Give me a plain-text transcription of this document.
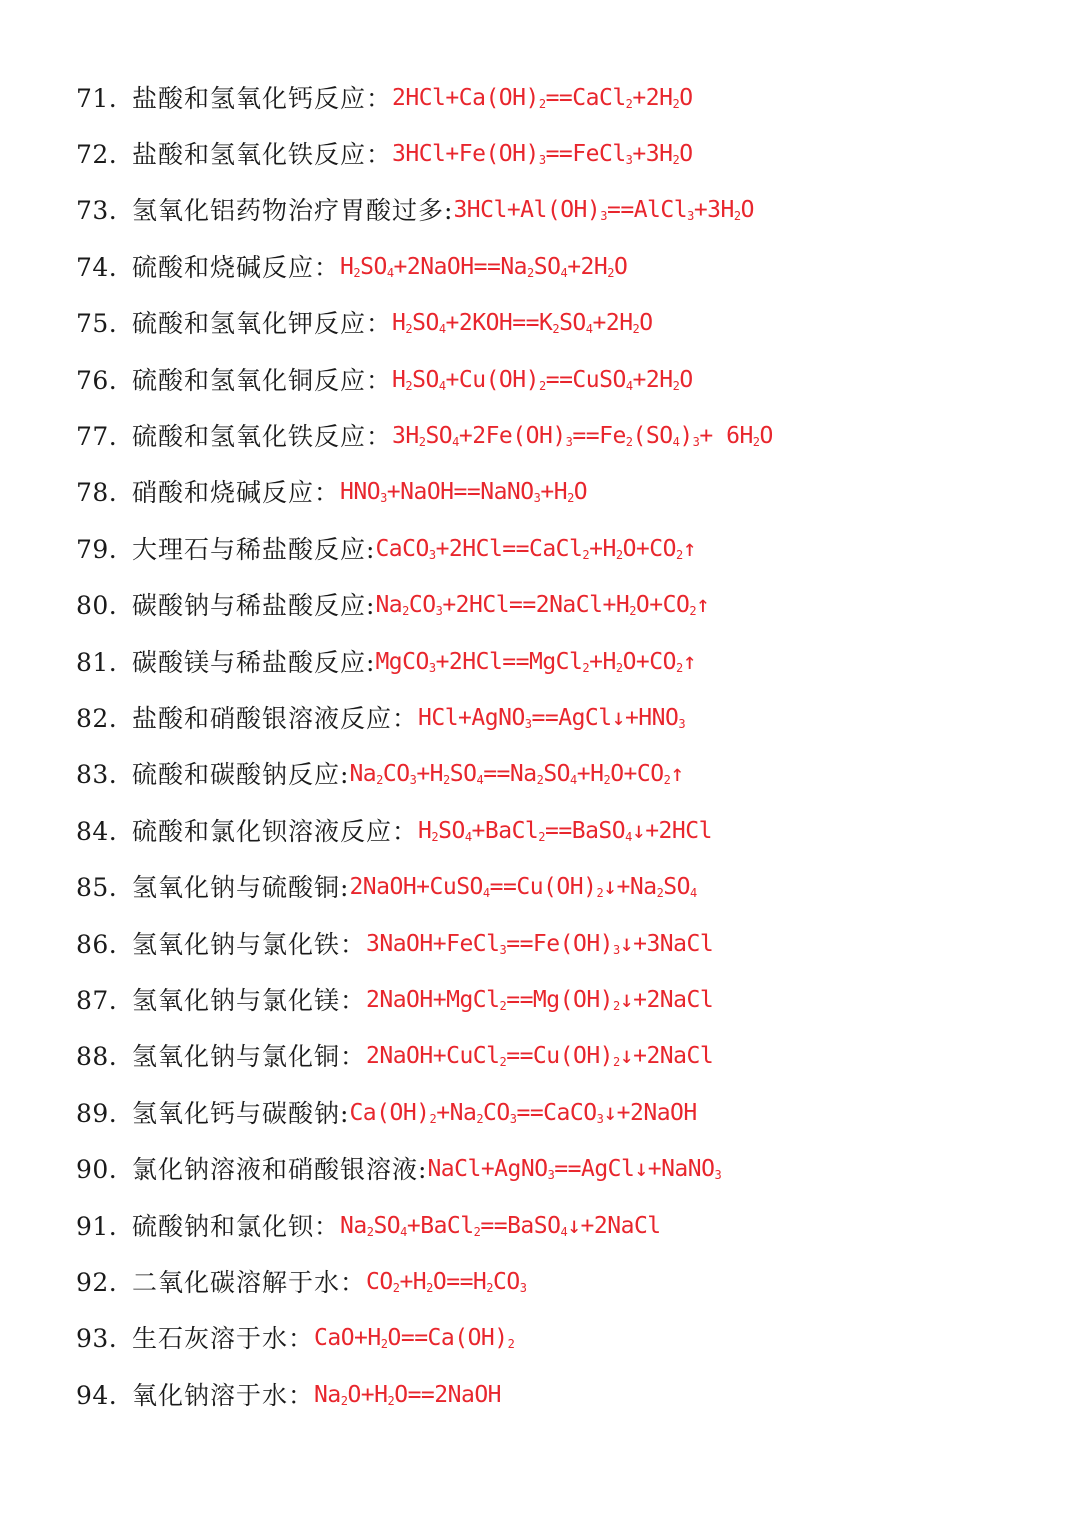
71. 盐酸和氢氧化钙反应： $2HCl+Ca(OH)_2==CaCl_2+2H_2O$
72. 盐酸和氢氧化铁反应： $3HCl+Fe(OH)_3==FeCl_3+3H_2O$
73. 氢氧化铝药物治疗胃酸过多: $3HCl+Al(OH)_3==AlCl_3+3H_2O$
74. 硫酸和烧碱反应： $H_2SO_4+2NaOH==Na_2SO_4+2H_2O$
75. 硫酸和氢氧化钾反应： $H_2SO_4+2KOH==K_2SO_4+2H_2O$
76. 硫酸和氢氧化铜反应： $H_2SO_4+Cu(OH)_2==CuSO_4+2H_2O$
77. 硫酸和氢氧化铁反应： $3H_2SO_4+2Fe(OH)_3==Fe_2(SO_4)_3+ 6H_2O$
78. 硝酸和烧碱反应： $HNO_3+NaOH==NaNO_3+H_2O$
79. 大理石与稀盐酸反应: $CaCO_3+2HCl==CaCl_2+H_2O+CO_2↑$
80. 碳酸钠与稀盐酸反应: $Na_2CO_3+2HCl==2NaCl+H_2O+CO_2↑$
81. 碳酸镁与稀盐酸反应: $MgCO_3+2HCl==MgCl_2+H_2O+CO_2↑$
82. 盐酸和硝酸银溶液反应： $HCl+AgNO_3==AgCl↓+HNO_3$
83. 硫酸和碳酸钠反应: $Na_2CO_3+H_2SO_4==Na_2SO_4+H_2O+CO_2↑$
84. 硫酸和氯化钡溶液反应： $H_2SO_4+BaCl_2==BaSO_4↓+2HCl$
85. 氢氧化钠与硫酸铜: $2NaOH+CuSO_4==Cu(OH)_2↓+Na_2SO_4$
86. 氢氧化钠与氯化铁： $3NaOH+FeCl_3==Fe(OH)_3↓+3NaCl$
87. 氢氧化钠与氯化镁： $2NaOH+MgCl_2==Mg(OH)_2↓+2NaCl$
88. 氢氧化钠与氯化铜： $2NaOH+CuCl_2==Cu(OH)_2↓+2NaCl$
89. 氢氧化钙与碳酸钠: $Ca(OH)_2+Na_2CO_3==CaCO_3↓+2NaOH$
90. 氯化钠溶液和硝酸银溶液: NaCl+AgNO$_3$==AgCl↓+NaNO$_3$
91. 硫酸钠和氯化钡： $Na_2SO_4+BaCl_2==BaSO_4↓+2NaCl$
92. 二氧化碳溶解于水： $CO_2+H_2O==H_2CO_3$
93. 生石灰溶于水： $CaO+H_2O==Ca(OH)_2$
94. 氧化钠溶于水： $Na_2O+H_2O==2NaOH$
